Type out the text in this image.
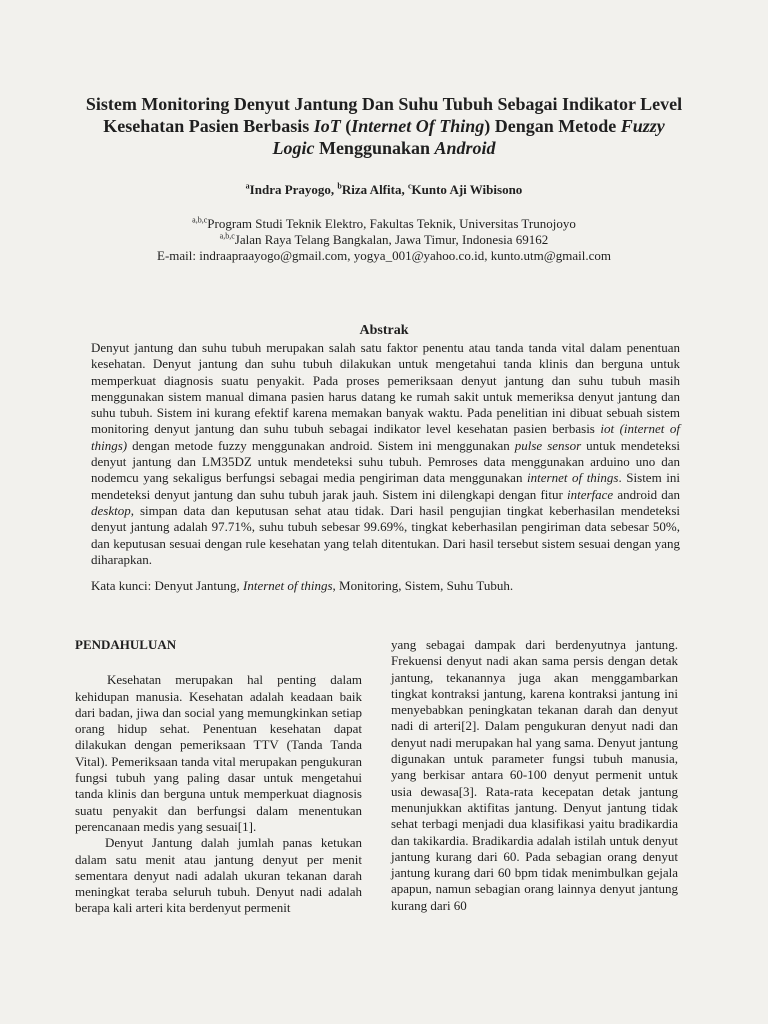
Sistem Monitoring Denyut Jantung Dan Suhu Tubuh Sebagai Indikator Level
Kesehatan Pasien Berbasis IoT (Internet Of Thing) Dengan Metode Fuzzy
Logic Menggunakan Android
$^a$Indra Prayogo, $^b$Riza Alfita, $^c$Kunto Aji Wibisono
$^{a,b,c}$Program Studi Teknik Elektro, Fakultas Teknik, Universitas Trunojoyo
$^{a,b,c}$Jalan Raya Telang Bangkalan, Jawa Timur, Indonesia 69162
E-mail: indraapraayogo@gmail.com, yogya_001@yahoo.co.id, kunto.utm@gmail.com
Abstrak
Denyut jantung dan suhu tubuh merupakan salah satu faktor penentu atau tanda tanda vital dalam penentuan kesehatan. Denyut jantung dan suhu tubuh dilakukan untuk mengetahui tanda klinis dan berguna untuk memperkuat diagnosis suatu penyakit. Pada proses pemeriksaan denyut jantung dan suhu tubuh masih menggunakan sistem manual dimana pasien harus datang ke rumah sakit untuk memeriksa denyut jantung dan suhu tubuh. Sistem ini kurang efektif karena memakan banyak waktu. Pada penelitian ini dibuat sebuah sistem monitoring denyut jantung dan suhu tubuh sebagai indikator level kesehatan pasien berbasis iot (internet of things) dengan metode fuzzy menggunakan android. Sistem ini menggunakan pulse sensor untuk mendeteksi denyut jantung dan LM35DZ untuk mendeteksi suhu tubuh. Pemroses data menggunakan arduino uno dan nodemcu yang sekaligus berfungsi sebagai media pengiriman data menggunakan internet of things. Sistem ini mendeteksi denyut jantung dan suhu tubuh jarak jauh. Sistem ini dilengkapi dengan fitur interface android dan desktop, simpan data dan keputusan sehat atau tidak. Dari hasil pengujian tingkat keberhasilan mendeteksi denyut jantung adalah 97.71%, suhu tubuh sebesar 99.69%, tingkat keberhasilan pengiriman data sebesar 50%, dan keputusan sesuai dengan rule kesehatan yang telah ditentukan. Dari hasil tersebut sistem sesuai dengan yang diharapkan.
Kata kunci: Denyut Jantung, Internet of things, Monitoring, Sistem, Suhu Tubuh.
PENDAHULUAN

Kesehatan merupakan hal penting dalam kehidupan manusia. Kesehatan adalah keadaan baik dari badan, jiwa dan social yang memungkinkan setiap orang hidup sehat. Penentuan kesehatan dapat dilakukan dengan pemeriksaan TTV (Tanda Tanda Vital). Pemeriksaan tanda vital merupakan pengukuran fungsi tubuh yang paling dasar untuk mengetahui tanda klinis dan berguna untuk memperkuat diagnosis suatu penyakit dan berfungsi dalam menentukan perencanaan medis yang sesuai[1].

Denyut Jantung dalah jumlah panas ketukan dalam satu menit atau jantung denyut per menit sementara denyut nadi adalah ukuran tekanan darah meningkat teraba seluruh tubuh. Denyut nadi adalah berapa kali arteri kita berdenyut permenit

yang sebagai dampak dari berdenyutnya jantung. Frekuensi denyut nadi akan sama persis dengan detak jantung, tekanannya juga akan menggambarkan tingkat kontraksi jantung, karena kontraksi jantung ini menyebabkan peningkatan tekanan darah dan denyut nadi di arteri[2]. Dalam pengukuran denyut nadi dan denyut nadi merupakan hal yang sama. Denyut jantung digunakan untuk parameter fungsi tubuh manusia, yang berkisar antara 60-100 denyut permenit untuk usia dewasa[3]. Rata-rata kecepatan detak jantung menunjukkan aktifitas jantung. Denyut jantung tidak sehat terbagi menjadi dua klasifikasi yaitu bradikardia dan takikardia. Bradikardia adalah istilah untuk denyut jantung kurang dari 60. Pada sebagian orang denyut jantung kurang dari 60 bpm tidak menimbulkan gejala apapun, namun sebagian orang lainnya denyut jantung kurang dari 60
